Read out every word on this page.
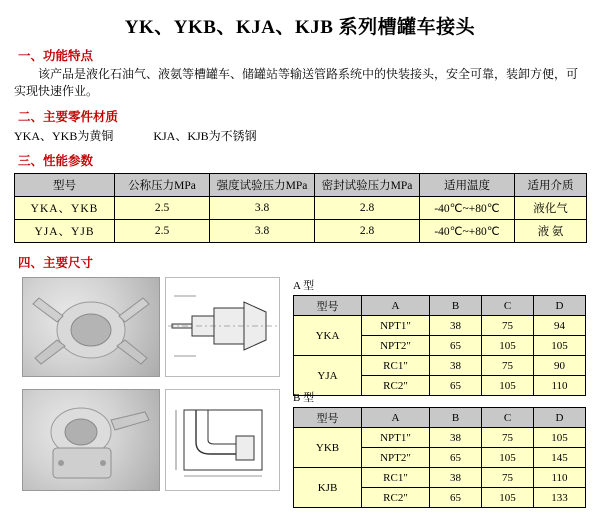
YK、YKB、KJA、KJB 系列槽罐车接头
一、功能特点
该产品是液化石油气、液氨等槽罐车、储罐站等输送管路系统中的快装接头，安全可靠，装卸方便，可实现快速作业。
二、主要零件材质
YKA、YKB为黄铜	KJA、KJB为不锈钢
三、性能参数
型号	公称压力MPa	强度试验压力MPa	密封试验压力MPa	适用温度	适用介质
YKA、YKB	2.5	3.8	2.8	-40℃~+80℃	液化气
YJA、YJB	2.5	3.8	2.8	-40℃~+80℃	液 氨
四、主要尺寸
A 型
型号	A	B	C	D
YKA	NPT1"	38	75	94
	NPT2"	65	105	105
YJA	RC1"	38	75	90
	RC2"	65	105	110
B 型
型号	A	B	C	D
YKB	NPT1"	38	75	105
	NPT2"	65	105	145
KJB	RC1"	38	75	110
	RC2"	65	105	133
